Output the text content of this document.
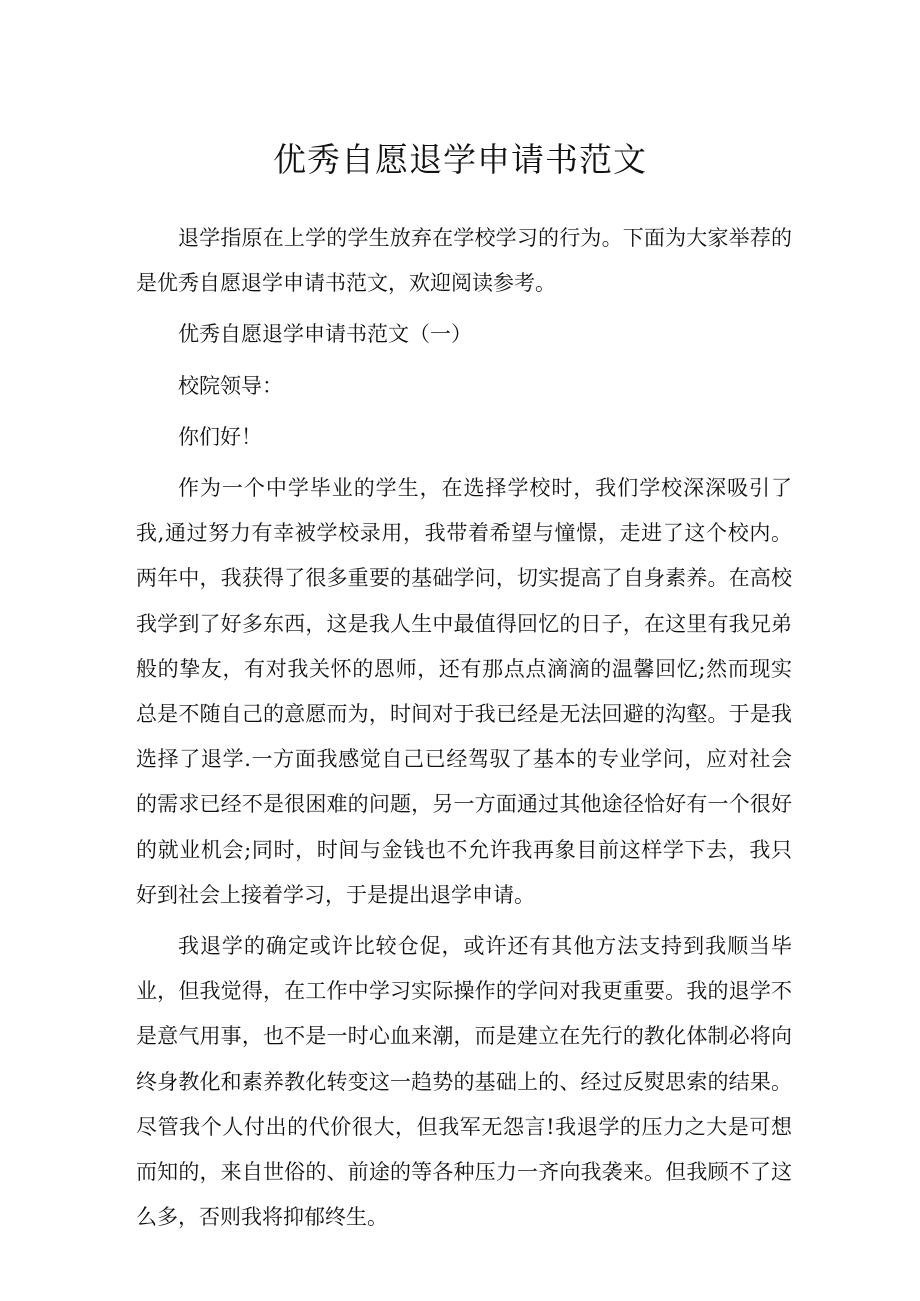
优秀自愿退学申请书范文

退学指原在上学的学生放弃在学校学习的行为。下面为大家举荐的是优秀自愿退学申请书范文，欢迎阅读参考。

优秀自愿退学申请书范文（一）

校院领导：

你们好！

作为一个中学毕业的学生，在选择学校时，我们学校深深吸引了我,通过努力有幸被学校录用，我带着希望与憧憬，走进了这个校内。两年中，我获得了很多重要的基础学问，切实提高了自身素养。在高校我学到了好多东西，这是我人生中最值得回忆的日子，在这里有我兄弟般的挚友，有对我关怀的恩师，还有那点点滴滴的温馨回忆;然而现实总是不随自己的意愿而为，时间对于我已经是无法回避的沟壑。于是我选择了退学.一方面我感觉自己已经驾驭了基本的专业学问，应对社会的需求已经不是很困难的问题，另一方面通过其他途径恰好有一个很好的就业机会;同时，时间与金钱也不允许我再象目前这样学下去，我只好到社会上接着学习，于是提出退学申请。

我退学的确定或许比较仓促，或许还有其他方法支持到我顺当毕业，但我觉得，在工作中学习实际操作的学问对我更重要。我的退学不是意气用事，也不是一时心血来潮，而是建立在先行的教化体制必将向终身教化和素养教化转变这一趋势的基础上的、经过反熨思索的结果。尽管我个人付出的代价很大，但我军无怨言!我退学的压力之大是可想而知的，来自世俗的、前途的等各种压力一齐向我袭来。但我顾不了这么多，否则我将抑郁终生。
